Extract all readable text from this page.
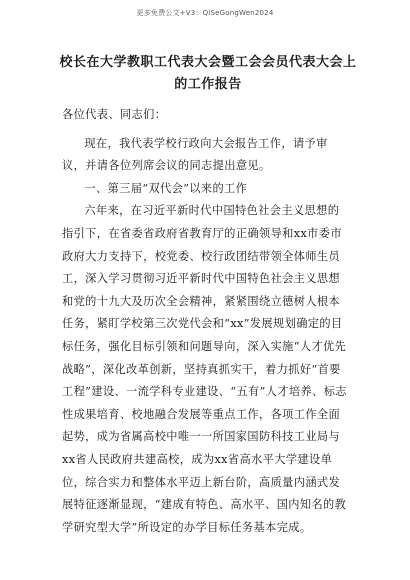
更多免费公文+V3：QiSeGongWen2024
校长在大学教职工代表大会暨工会会员代表大会上的工作报告

各位代表、同志们：

现在，我代表学校行政向大会报告工作，请予审议，并请各位列席会议的同志提出意见。

一、第三届“双代会”以来的工作

六年来，在习近平新时代中国特色社会主义思想的指引下，在省委省政府省教育厅的正确领导和xx市委市政府大力支持下，校党委、校行政团结带领全体师生员工，深入学习贯彻习近平新时代中国特色社会主义思想和党的十九大及历次全会精神，紧紧围绕立德树人根本任务，紧盯学校第三次党代会和“xx”发展规划确定的目标任务，强化目标引领和问题导向，深入实施“人才优先战略”，深化改革创新，坚持真抓实干，着力抓好“首要工程”建设、一流学科专业建设、“五有”人才培养、标志性成果培育、校地融合发展等重点工作，各项工作全面起势，成为省属高校中唯一一所国家国防科技工业局与xx省人民政府共建高校，成为xx省高水平大学建设单位，综合实力和整体水平迈上新台阶，高质量内涵式发展特征逐渐显现，“建成有特色、高水平、国内知名的教学研究型大学”所设定的办学目标任务基本完成。
